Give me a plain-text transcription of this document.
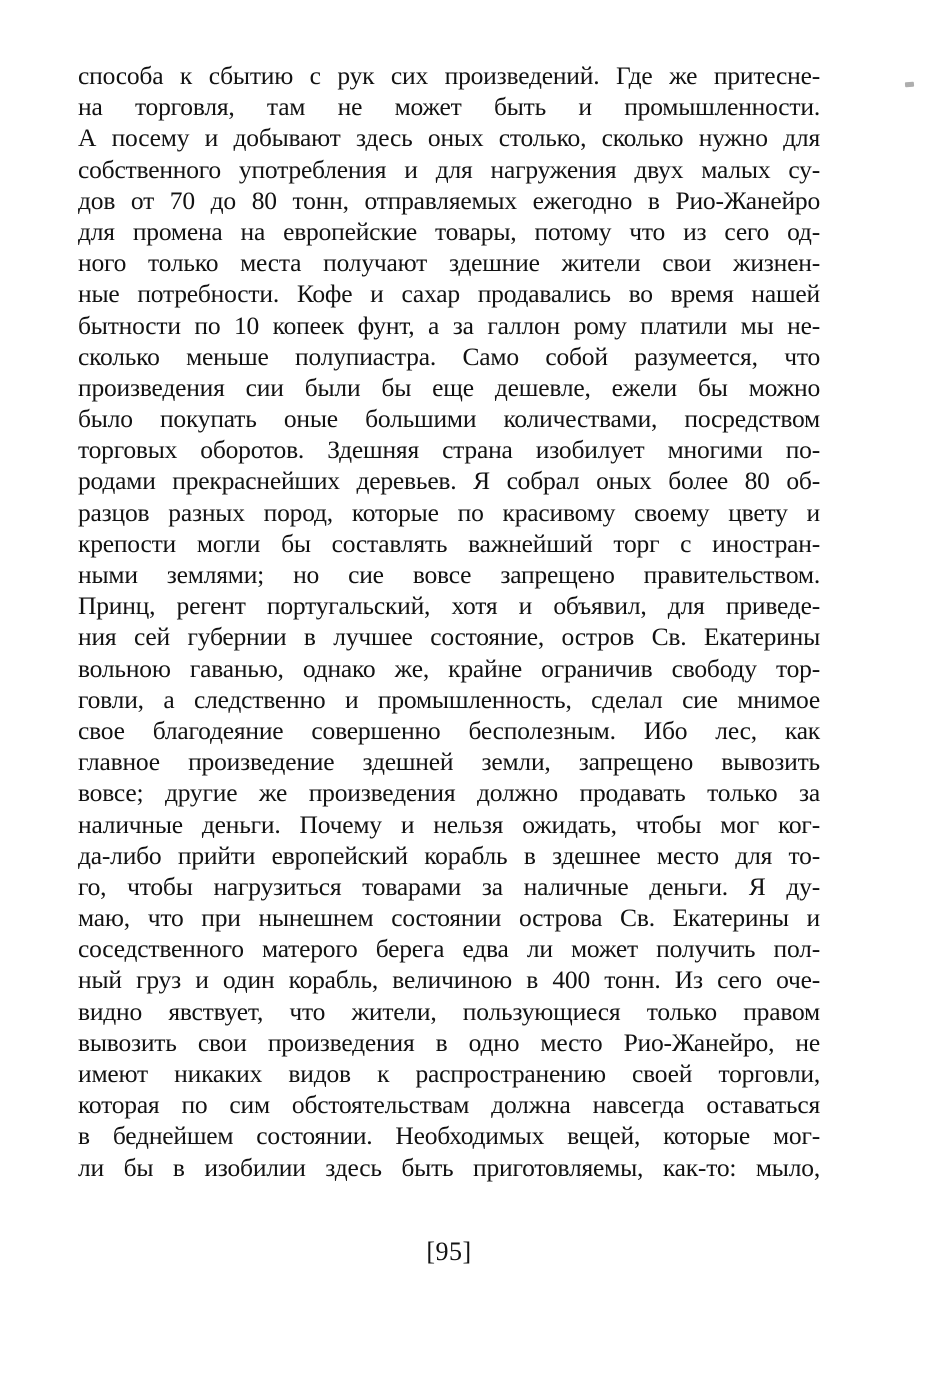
способа к сбытию с рук сих произведений. Где же притесне-
на торговля, там не может быть и промышленности.
А посему и добывают здесь оных столько, сколько нужно для
собственного употребления и для нагружения двух малых су-
дов от 70 до 80 тонн, отправляемых ежегодно в Рио-Жанейро
для промена на европейские товары, потому что из сего од-
ного только места получают здешние жители свои жизнен-
ные потребности. Кофе и сахар продавались во время нашей
бытности по 10 копеек фунт, а за галлон рому платили мы не-
сколько меньше полупиастра. Само собой разумеется, что
произведения сии были бы еще дешевле, ежели бы можно
было покупать оные большими количествами, посредством
торговых оборотов. Здешняя страна изобилует многими по-
родами прекраснейших деревьев. Я собрал оных более 80 об-
разцов разных пород, которые по красивому своему цвету и
крепости могли бы составлять важнейший торг с иностран-
ными землями; но сие вовсе запрещено правительством.
Принц, регент португальский, хотя и объявил, для приведе-
ния сей губернии в лучшее состояние, остров Св. Екатерины
вольною гаванью, однако же, крайне ограничив свободу тор-
говли, а следственно и промышленность, сделал сие мнимое
свое благодеяние совершенно бесполезным. Ибо лес, как
главное произведение здешней земли, запрещено вывозить
вовсе; другие же произведения должно продавать только за
наличные деньги. Почему и нельзя ожидать, чтобы мог ког-
да-либо прийти европейский корабль в здешнее место для то-
го, чтобы нагрузиться товарами за наличные деньги. Я ду-
маю, что при нынешнем состоянии острова Св. Екатерины и
соседственного матерого берега едва ли может получить пол-
ный груз и один корабль, величиною в 400 тонн. Из сего оче-
видно явствует, что жители, пользующиеся только правом
вывозить свои произведения в одно место Рио-Жанейро, не
имеют никаких видов к распространению своей торговли,
которая по сим обстоятельствам должна навсегда оставаться
в беднейшем состоянии. Необходимых вещей, которые мог-
ли бы в изобилии здесь быть приготовляемы, как-то: мыло,
[95]
